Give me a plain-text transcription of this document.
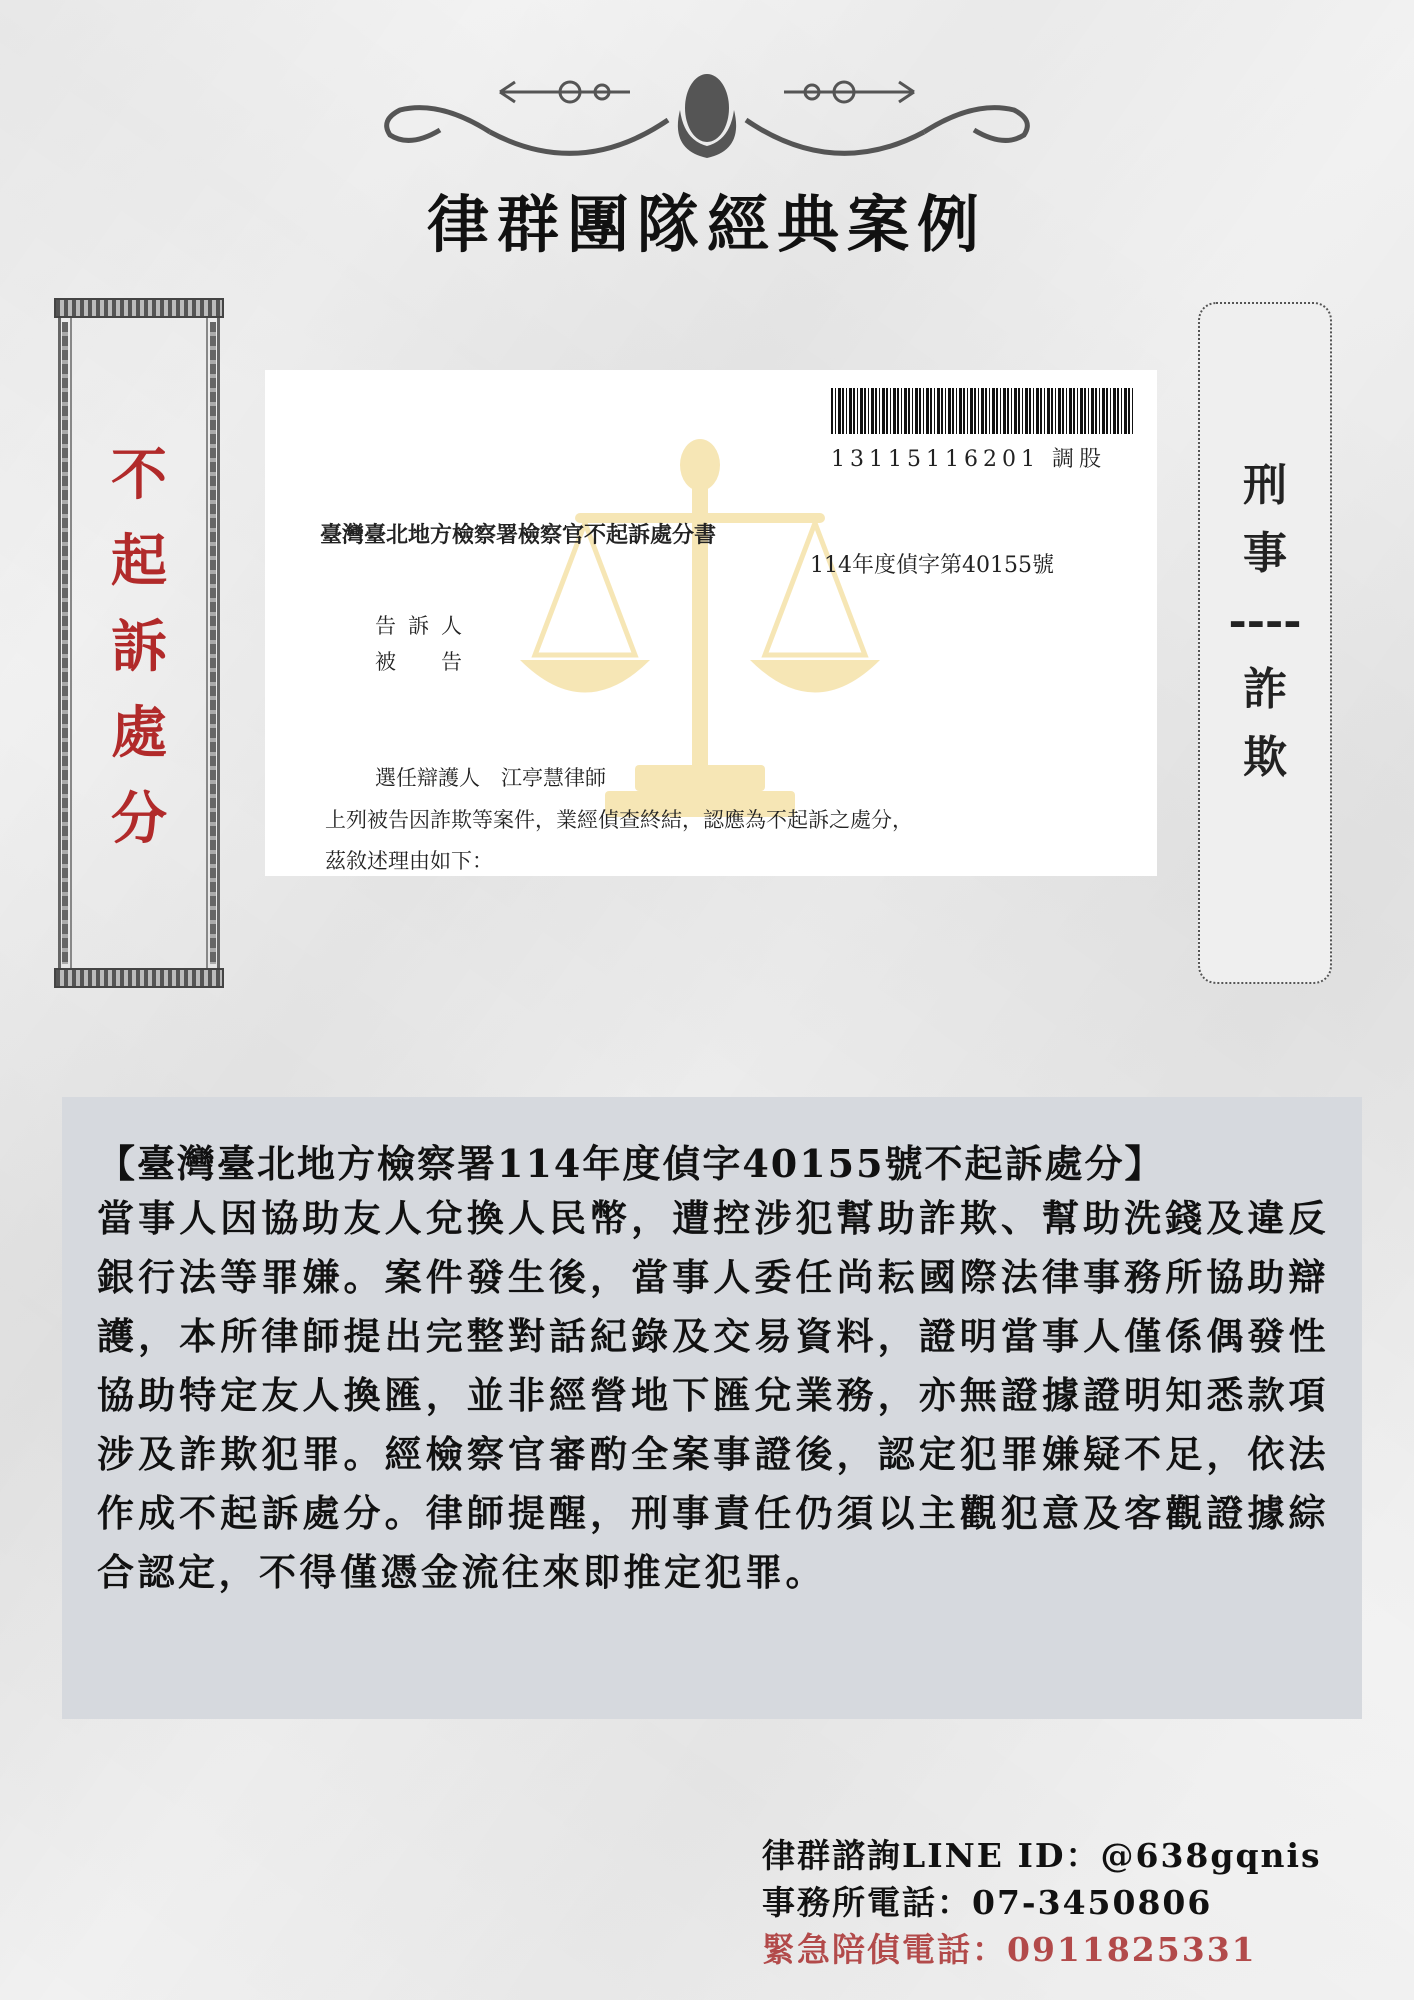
律群團隊經典案例
不
起
訴
處
分
13115116201 調股
臺灣臺北地方檢察署檢察官不起訴處分書
114年度偵字第40155號
告訴人
被　告
選任辯護人　江亭慧律師
上列被告因詐欺等案件，業經偵查終結，認應為不起訴之處分，
茲敘述理由如下：
刑
事
----
詐
欺
【臺灣臺北地方檢察署114年度偵字40155號不起訴處分】
當事人因協助友人兌換人民幣，遭控涉犯幫助詐欺、幫助洗錢及違反銀行法等罪嫌。案件發生後，當事人委任尚耘國際法律事務所協助辯護，本所律師提出完整對話紀錄及交易資料，證明當事人僅係偶發性協助特定友人換匯，並非經營地下匯兌業務，亦無證據證明知悉款項涉及詐欺犯罪。經檢察官審酌全案事證後，認定犯罪嫌疑不足，依法作成不起訴處分。律師提醒，刑事責任仍須以主觀犯意及客觀證據綜合認定，不得僅憑金流往來即推定犯罪。
律群諮詢LINE ID：@638gqnis
事務所電話：07-3450806
緊急陪偵電話：0911825331
